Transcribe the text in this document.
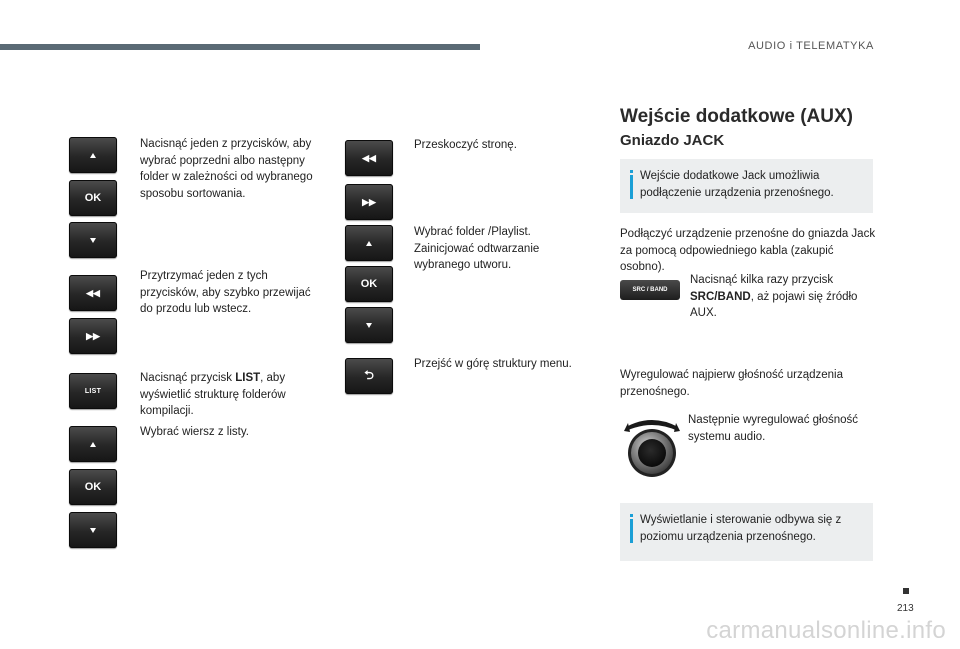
AUDIO i TELEMATYKA
OK
◀◀
▶▶
LIST
OK
Nacisnąć jeden z przycisków, aby wybrać poprzedni albo następny folder w zależności od wybranego sposobu sortowania.
Przytrzymać jeden z tych przycisków, aby szybko przewijać do przodu lub wstecz.
Nacisnąć przycisk LIST, aby wyświetlić strukturę folderów kompilacji.
Wybrać wiersz z listy.
◀◀
▶▶
OK
⮌
Przeskoczyć stronę.
Wybrać folder /Playlist. Zainicjować odtwarzanie wybranego utworu.
Przejść w górę struktury menu.
Wejście dodatkowe (AUX)
Gniazdo JACK
Wejście dodatkowe Jack umożliwia podłączenie urządzenia przenośnego.
Podłączyć urządzenie przenośne do gniazda Jack za pomocą odpowiedniego kabla (zakupić osobno).
SRC / BAND
Nacisnąć kilka razy przycisk SRC/BAND, aż pojawi się źródło AUX.
Wyregulować najpierw głośność urządzenia przenośnego.
Następnie wyregulować głośność systemu audio.
Wyświetlanie i sterowanie odbywa się z poziomu urządzenia przenośnego.
213
carmanualsonline.info
